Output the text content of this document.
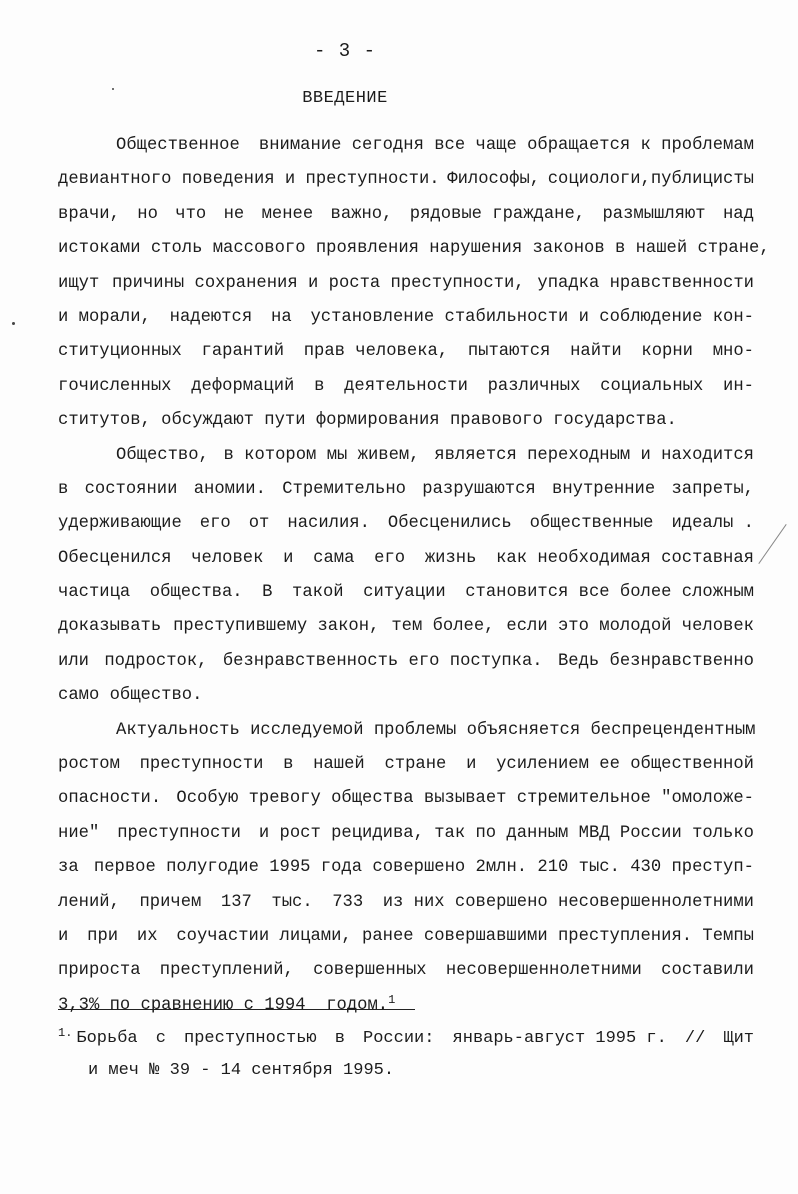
- 3 -
ВВЕДЕНИЕ
Общественное внимание сегодня все чаще обращается к проблемам
девиантного поведения и преступности. Философы, социологи,публицисты
врачи, но что не менее важно, рядовые граждане, размышляют над
истоками столь массового проявления нарушения законов в нашей стране,
ищут причины сохранения и роста преступности, упадка нравственности
и морали, надеются на установление стабильности и соблюдение кон-
ституционных гарантий прав человека, пытаются найти корни мно-
гочисленных деформаций в деятельности различных социальных ин-
ститутов, обсуждают пути формирования правового государства.
Общество, в котором мы живем, является переходным и находится
в состоянии аномии. Стремительно разрушаются внутренние запреты,
удерживающие его от насилия. Обесценились общественные идеалы .
Обесценился человек и сама его жизнь как необходимая составная
частица общества. В такой ситуации становится все более сложным
доказывать преступившему закон, тем более, если это молодой человек
или подросток, безнравственность его поступка. Ведь безнравственно
само общество.
Актуальность исследуемой проблемы объясняется беспрецендентным
ростом преступности в нашей стране и усилением ее общественной
опасности. Особую тревогу общества вызывает стремительное "омоложе-
ние" преступности и рост рецидива, так по данным МВД России только
за первое полугодие 1995 года совершено 2млн. 210 тыс. 430 преступ-
лений, причем 137 тыс. 733 из них совершено несовершеннолетними
и при их соучастии лицами, ранее совершавшими преступления. Темпы
прироста преступлений, совершенных несовершеннолетними составили
3,3% по сравнению с 1994
годом.$^1$
$^{1.}$ Борьба с преступностью в России: январь-август 1995 г. // Щит
и меч № 39 - 14 сентября 1995.
